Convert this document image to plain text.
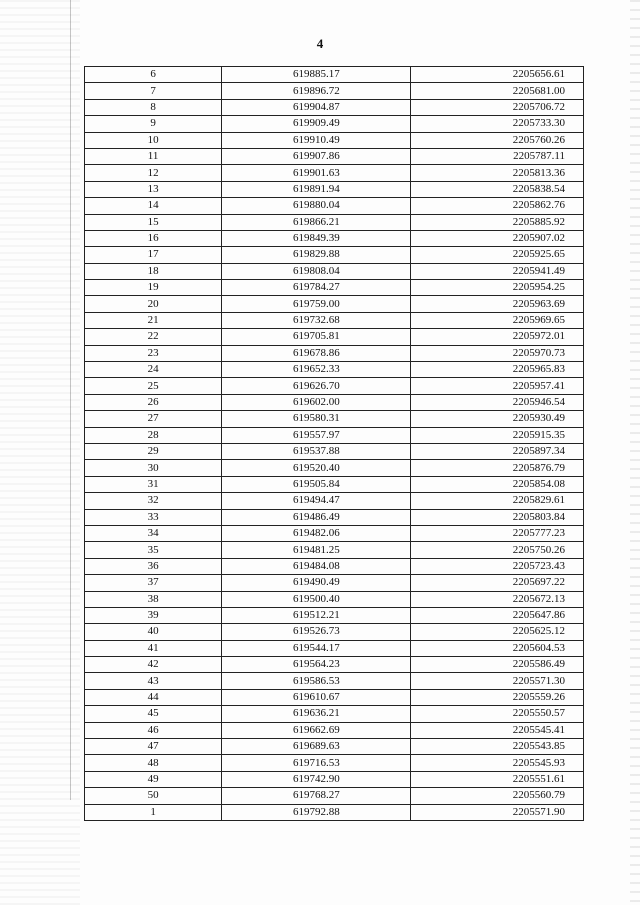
4
6	619885.17	2205656.61
7	619896.72	2205681.00
8	619904.87	2205706.72
9	619909.49	2205733.30
10	619910.49	2205760.26
11	619907.86	2205787.11
12	619901.63	2205813.36
13	619891.94	2205838.54
14	619880.04	2205862.76
15	619866.21	2205885.92
16	619849.39	2205907.02
17	619829.88	2205925.65
18	619808.04	2205941.49
19	619784.27	2205954.25
20	619759.00	2205963.69
21	619732.68	2205969.65
22	619705.81	2205972.01
23	619678.86	2205970.73
24	619652.33	2205965.83
25	619626.70	2205957.41
26	619602.00	2205946.54
27	619580.31	2205930.49
28	619557.97	2205915.35
29	619537.88	2205897.34
30	619520.40	2205876.79
31	619505.84	2205854.08
32	619494.47	2205829.61
33	619486.49	2205803.84
34	619482.06	2205777.23
35	619481.25	2205750.26
36	619484.08	2205723.43
37	619490.49	2205697.22
38	619500.40	2205672.13
39	619512.21	2205647.86
40	619526.73	2205625.12
41	619544.17	2205604.53
42	619564.23	2205586.49
43	619586.53	2205571.30
44	619610.67	2205559.26
45	619636.21	2205550.57
46	619662.69	2205545.41
47	619689.63	2205543.85
48	619716.53	2205545.93
49	619742.90	2205551.61
50	619768.27	2205560.79
1	619792.88	2205571.90
